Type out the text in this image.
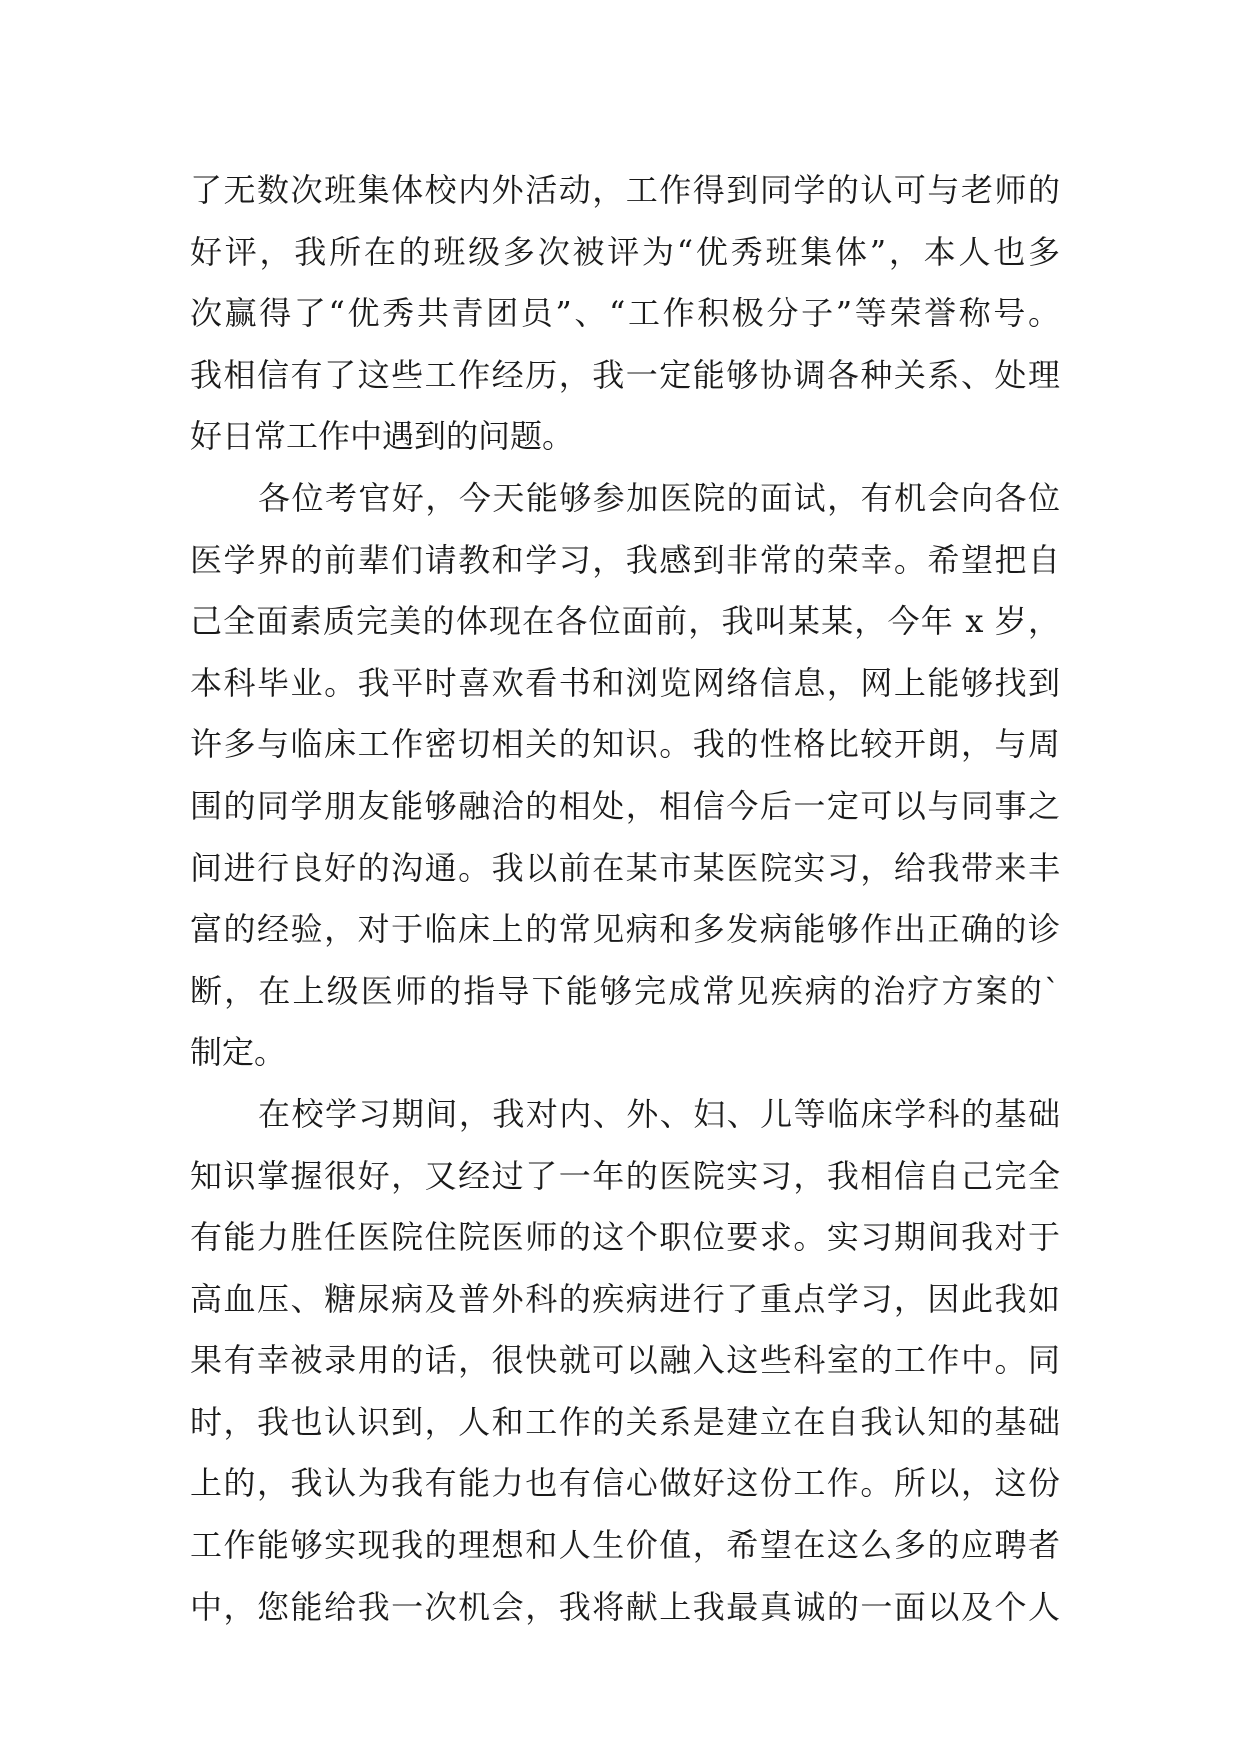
了无数次班集体校内外活动，工作得到同学的认可与老师的
好评，我所在的班级多次被评为“优秀班集体”，本人也多
次赢得了“优秀共青团员”、“工作积极分子”等荣誉称号。
我相信有了这些工作经历，我一定能够协调各种关系、处理
好日常工作中遇到的问题。
各位考官好，今天能够参加医院的面试，有机会向各位
医学界的前辈们请教和学习，我感到非常的荣幸。希望把自
己全面素质完美的体现在各位面前，我叫某某，今年 x 岁，
本科毕业。我平时喜欢看书和浏览网络信息，网上能够找到
许多与临床工作密切相关的知识。我的性格比较开朗，与周
围的同学朋友能够融洽的相处，相信今后一定可以与同事之
间进行良好的沟通。我以前在某市某医院实习，给我带来丰
富的经验，对于临床上的常见病和多发病能够作出正确的诊
断，在上级医师的指导下能够完成常见疾病的治疗方案的`
制定。
在校学习期间，我对内、外、妇、儿等临床学科的基础
知识掌握很好，又经过了一年的医院实习，我相信自己完全
有能力胜任医院住院医师的这个职位要求。实习期间我对于
高血压、糖尿病及普外科的疾病进行了重点学习，因此我如
果有幸被录用的话，很快就可以融入这些科室的工作中。同
时，我也认识到，人和工作的关系是建立在自我认知的基础
上的，我认为我有能力也有信心做好这份工作。所以，这份
工作能够实现我的理想和人生价值，希望在这么多的应聘者
中，您能给我一次机会，我将献上我最真诚的一面以及个人
